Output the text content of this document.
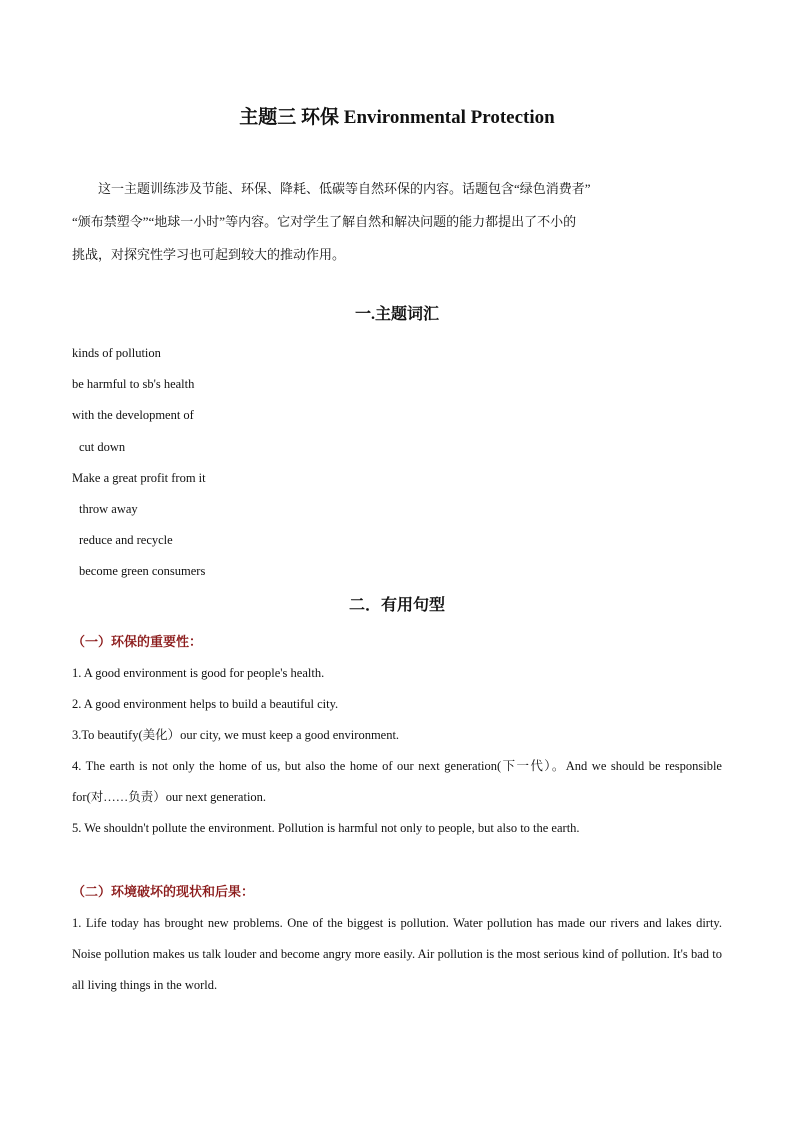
主题三 环保 Environmental Protection

这一主题训练涉及节能、环保、降耗、低碳等自然环保的内容。话题包含“绿色消费者”

“颁布禁塑令”“地球一小时”等内容。它对学生了解自然和解决问题的能力都提出了不小的

挑战，对探究性学习也可起到较大的推动作用。

一.主题词汇
kinds of pollution
be harmful to sb's health
with the development of
cut down
Make a great profit from it
throw away
reduce and recycle
become green consumers
二．有用句型
（一）环保的重要性：

1. A good environment is good for people's health.

2. A good environment helps to build a beautiful city.

3.To beautify(美化）our city, we must keep a good environment.

4. The earth is not only the home of us, but also the home of our next generation(下一代）。And we should be responsible for(对……负责）our next generation.

5. We shouldn't pollute the environment. Pollution is harmful not only to people, but also to the earth.

（二）环境破坏的现状和后果：

1. Life today has brought new problems. One of the biggest is pollution. Water pollution has made our rivers and lakes dirty. Noise pollution makes us talk louder and become angry more easily. Air pollution is the most serious kind of pollution. It's bad to all living things in the world.
